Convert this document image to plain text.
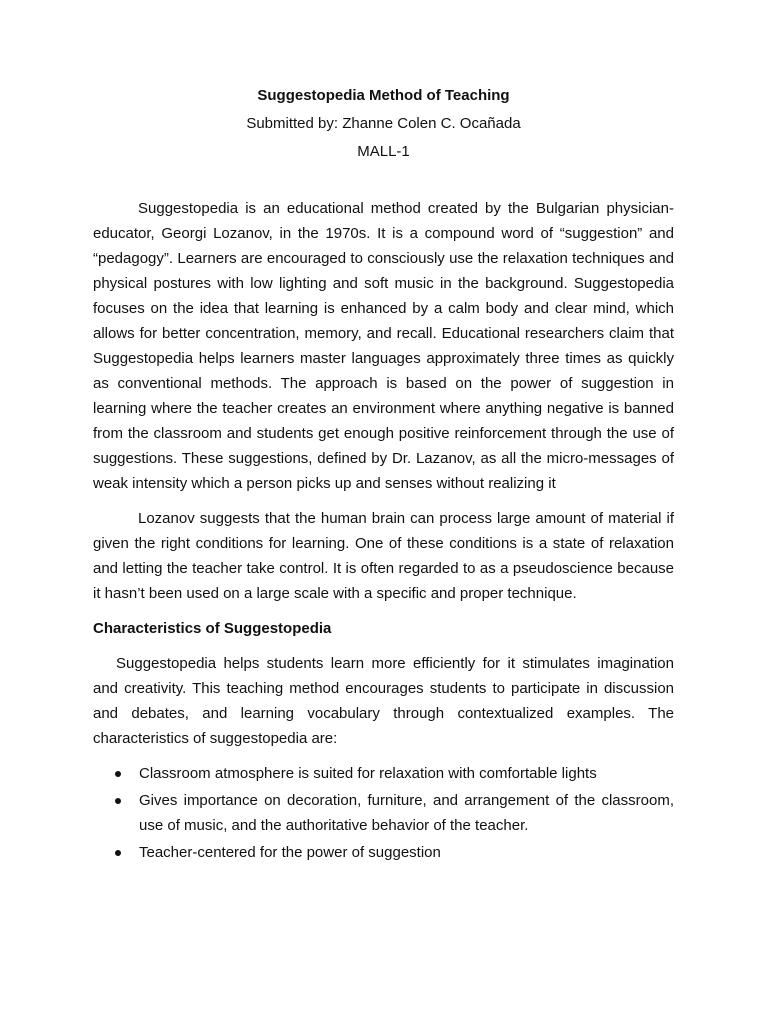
Suggestopedia Method of Teaching

Submitted by: Zhanne Colen C. Ocañada

MALL-1

Suggestopedia is an educational method created by the Bulgarian physician-educator, Georgi Lozanov, in the 1970s. It is a compound word of “suggestion” and “pedagogy”. Learners are encouraged to consciously use the relaxation techniques and physical postures with low lighting and soft music in the background. Suggestopedia focuses on the idea that learning is enhanced by a calm body and clear mind, which allows for better concentration, memory, and recall. Educational researchers claim that Suggestopedia helps learners master languages approximately three times as quickly as conventional methods. The approach is based on the power of suggestion in learning where the teacher creates an environment where anything negative is banned from the classroom and students get enough positive reinforcement through the use of suggestions. These suggestions, defined by Dr. Lazanov, as all the micro-messages of weak intensity which a person picks up and senses without realizing it

Lozanov suggests that the human brain can process large amount of material if given the right conditions for learning. One of these conditions is a state of relaxation and letting the teacher take control. It is often regarded to as a pseudoscience because it hasn’t been used on a large scale with a specific and proper technique.

Characteristics of Suggestopedia

Suggestopedia helps students learn more efficiently for it stimulates imagination and creativity. This teaching method encourages students to participate in discussion and debates, and learning vocabulary through contextualized examples. The characteristics of suggestopedia are:

Classroom atmosphere is suited for relaxation with comfortable lights
Gives importance on decoration, furniture, and arrangement of the classroom, use of music, and the authoritative behavior of the teacher.
Teacher-centered for the power of suggestion
